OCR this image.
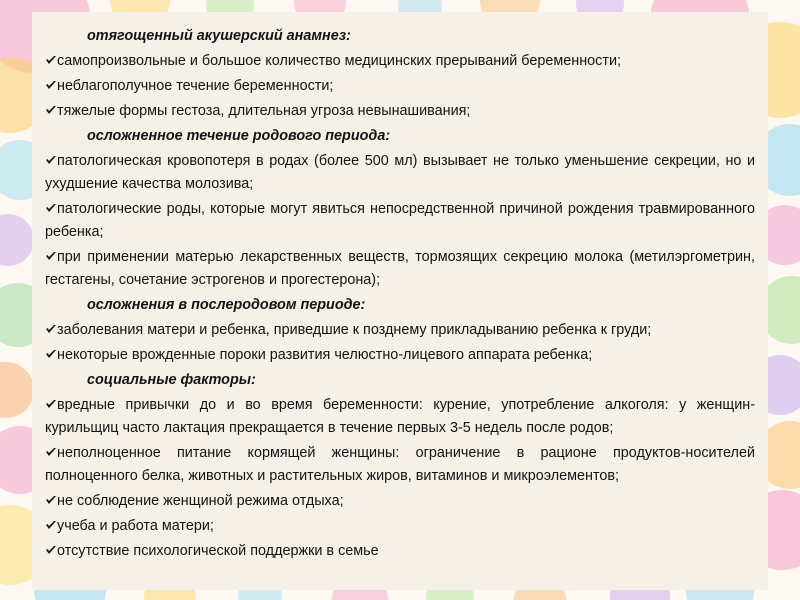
отягощенный акушерский анамнез:
самопроизвольные и большое количество медицинских прерываний беременности;
неблагополучное течение беременности;
тяжелые формы гестоза, длительная угроза невынашивания;
осложненное течение родового периода:
патологическая кровопотеря в родах (более 500 мл) вызывает не только уменьшение секреции, но и ухудшение качества молозива;
патологические роды, которые могут явиться непосредственной причиной рождения травмированного ребенка;
при применении матерью лекарственных веществ, тормозящих секрецию молока (метилэргометрин, гестагены, сочетание эстрогенов и прогестерона);
осложнения в послеродовом периоде:
заболевания матери и ребенка, приведшие к позднему прикладыванию ребенка к груди;
некоторые врожденные пороки развития челюстно-лицевого аппарата ребенка;
социальные факторы:
вредные привычки до и во время беременности: курение, употребление алкоголя: у женщин-курильщиц часто лактация прекращается в течение первых 3-5 недель после родов;
неполноценное питание кормящей женщины: ограничение в рационе продуктов-носителей полноценного белка, животных и растительных жиров, витаминов и микроэлементов;
не соблюдение женщиной режима отдыха;
учеба и работа матери;
отсутствие психологической поддержки в семье
